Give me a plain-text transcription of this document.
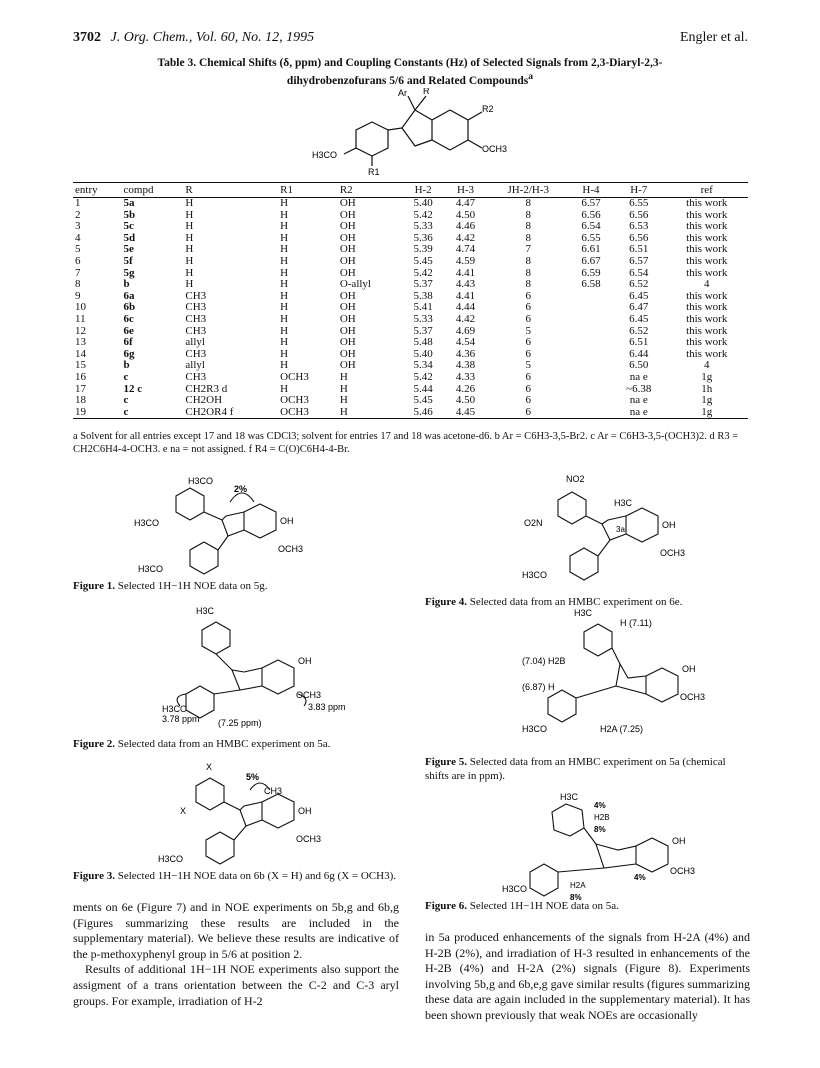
3702 J. Org. Chem., Vol. 60, No. 12, 1995	Engler et al.
Table 3. Chemical Shifts (δ, ppm) and Coupling Constants (Hz) of Selected Signals from 2,3-Diaryl-2,3-dihydrobenzofurans 5/6 and Related Compounds$^a$
Ar R
R2
OCH3
H3CO
R1
entry	compd	R	R1	R2	H-2	H-3	JH-2/H-3	H-4	H-7	ref
1	5a	H	H	OH	5.40	4.47	8	6.57	6.55	this work
2	5b	H	H	OH	5.42	4.50	8	6.56	6.56	this work
3	5c	H	H	OH	5.33	4.46	8	6.54	6.53	this work
4	5d	H	H	OH	5.36	4.42	8	6.55	6.56	this work
5	5e	H	H	OH	5.39	4.74	7	6.61	6.51	this work
6	5f	H	H	OH	5.45	4.59	8	6.67	6.57	this work
7	5g	H	H	OH	5.42	4.41	8	6.59	6.54	this work
8	b	H	H	O-allyl	5.37	4.43	8	6.58	6.52	4
9	6a	CH3	H	OH	5.38	4.41	6		6.45	this work
10	6b	CH3	H	OH	5.41	4.44	6		6.47	this work
11	6c	CH3	H	OH	5.33	4.42	6		6.45	this work
12	6e	CH3	H	OH	5.37	4.69	5		6.52	this work
13	6f	allyl	H	OH	5.48	4.54	6		6.51	this work
14	6g	CH3	H	OH	5.40	4.36	6		6.44	this work
15	b	allyl	H	OH	5.34	4.38	5		6.50	4
16	c	CH3	OCH3	H	5.42	4.33	6		na e	1g
17	12 c	CH2R3 d	H	H	5.44	4.26	6		~6.38	1h
18	c	CH2OH	OCH3	H	5.45	4.50	6		na e	1g
19	c	CH2OR4 f	OCH3	H	5.46	4.45	6		na e	1g
a Solvent for all entries except 17 and 18 was CDCl3; solvent for entries 17 and 18 was acetone-d6. b Ar = C6H3-3,5-Br2. c Ar = C6H3-3,5-(OCH3)2. d R3 = CH2C6H4-4-OCH3. e na = not assigned. f R4 = C(O)C6H4-4-Br.
H3CO
H3CO
2%
OH
OCH3
H3CO
Figure 1. Selected 1H−1H NOE data on 5g.
H3C
OH
OCH3
3.83 ppm
H3CO
3.78 ppm (7.25 ppm)
Figure 2. Selected data from an HMBC experiment on 5a.
X
X
5%
CH3
OH
OCH3
H3CO
Figure 3. Selected 1H−1H NOE data on 6b (X = H) and 6g (X = OCH3).
NO2
O2N
H3C
3a	OH
OCH3
H3CO
Figure 4. Selected data from an HMBC experiment on 6e.
H3C
H (7.11)
(7.04) H2B
(6.87) H
OH
OCH3
H3CO	H2A (7.25)
Figure 5. Selected data from an HMBC experiment on 5a (chemical shifts are in ppm).
H3C
4%
H2B
8%
OH
OCH3
4%
H3CO	H2A
8%
Figure 6. Selected 1H−1H NOE data on 5a.
ments on 6e (Figure 7) and in NOE experiments on 5b,g and 6b,g (Figures summarizing these results are included in the supplementary material). We believe these results are indicative of the p-methoxyphenyl group in 5/6 at position 2.
Results of additional 1H−1H NOE experiments also support the assigment of a trans orientation between the C-2 and C-3 aryl groups. For example, irradiation of H-2
in 5a produced enhancements of the signals from H-2A (4%) and H-2B (2%), and irradiation of H-3 resulted in enhancements of the H-2B (4%) and H-2A (2%) signals (Figure 8). Experiments involving 5b,g and 6b,e,g gave similar results (figures summarizing these data are again included in the supplementary material). It has been shown previously that weak NOEs are occasionally
